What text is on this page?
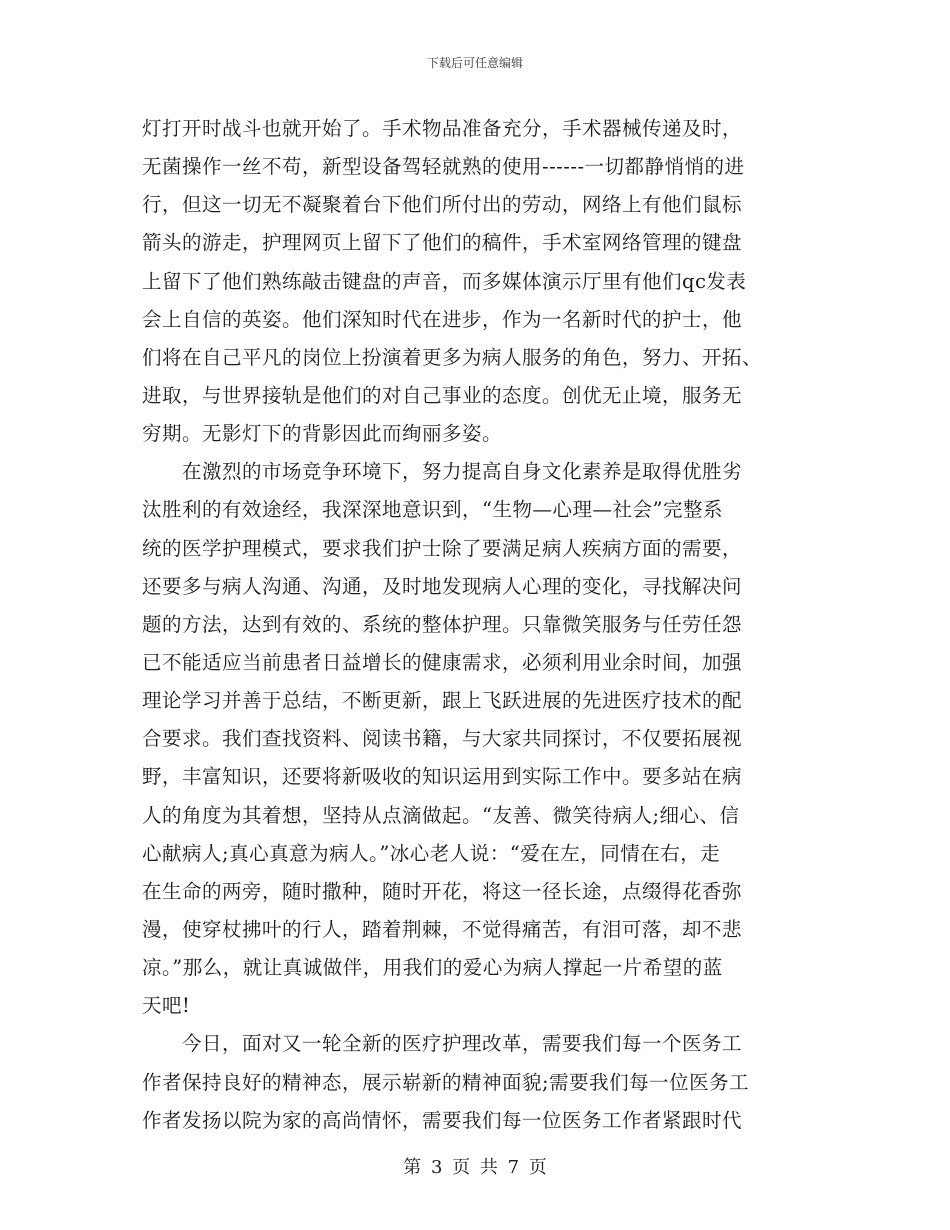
下载后可任意编辑
灯打开时战斗也就开始了。手术物品准备充分，手术器械传递及时，
无菌操作一丝不苟，新型设备驾轻就熟的使用------一切都静悄悄的进
行，但这一切无不凝聚着台下他们所付出的劳动，网络上有他们鼠标
箭头的游走，护理网页上留下了他们的稿件，手术室网络管理的键盘
上留下了他们熟练敲击键盘的声音，而多媒体演示厅里有他们qc发表
会上自信的英姿。他们深知时代在进步，作为一名新时代的护士，他
们将在自己平凡的岗位上扮演着更多为病人服务的角色，努力、开拓、
进取，与世界接轨是他们的对自己事业的态度。创优无止境，服务无
穷期。无影灯下的背影因此而绚丽多姿。
　　在激烈的市场竞争环境下，努力提高自身文化素养是取得优胜劣
汰胜利的有效途经，我深深地意识到，“生物—心理—社会”完整系
统的医学护理模式，要求我们护士除了要满足病人疾病方面的需要，
还要多与病人沟通、沟通，及时地发现病人心理的变化，寻找解决问
题的方法，达到有效的、系统的整体护理。只靠微笑服务与任劳任怨
已不能适应当前患者日益增长的健康需求，必须利用业余时间，加强
理论学习并善于总结，不断更新，跟上飞跃进展的先进医疗技术的配
合要求。我们查找资料、阅读书籍，与大家共同探讨，不仅要拓展视
野，丰富知识，还要将新吸收的知识运用到实际工作中。要多站在病
人的角度为其着想，坚持从点滴做起。“友善、微笑待病人;细心、信
心献病人;真心真意为病人。”冰心老人说：“爱在左，同情在右，走
在生命的两旁，随时撒种，随时开花，将这一径长途，点缀得花香弥
漫，使穿杖拂叶的行人，踏着荆棘，不觉得痛苦，有泪可落，却不悲
凉。”那么，就让真诚做伴，用我们的爱心为病人撑起一片希望的蓝
天吧!
　　今日，面对又一轮全新的医疗护理改革，需要我们每一个医务工
作者保持良好的精神态，展示崭新的精神面貌;需要我们每一位医务工
作者发扬以院为家的高尚情怀，需要我们每一位医务工作者紧跟时代
第 3 页 共 7 页
